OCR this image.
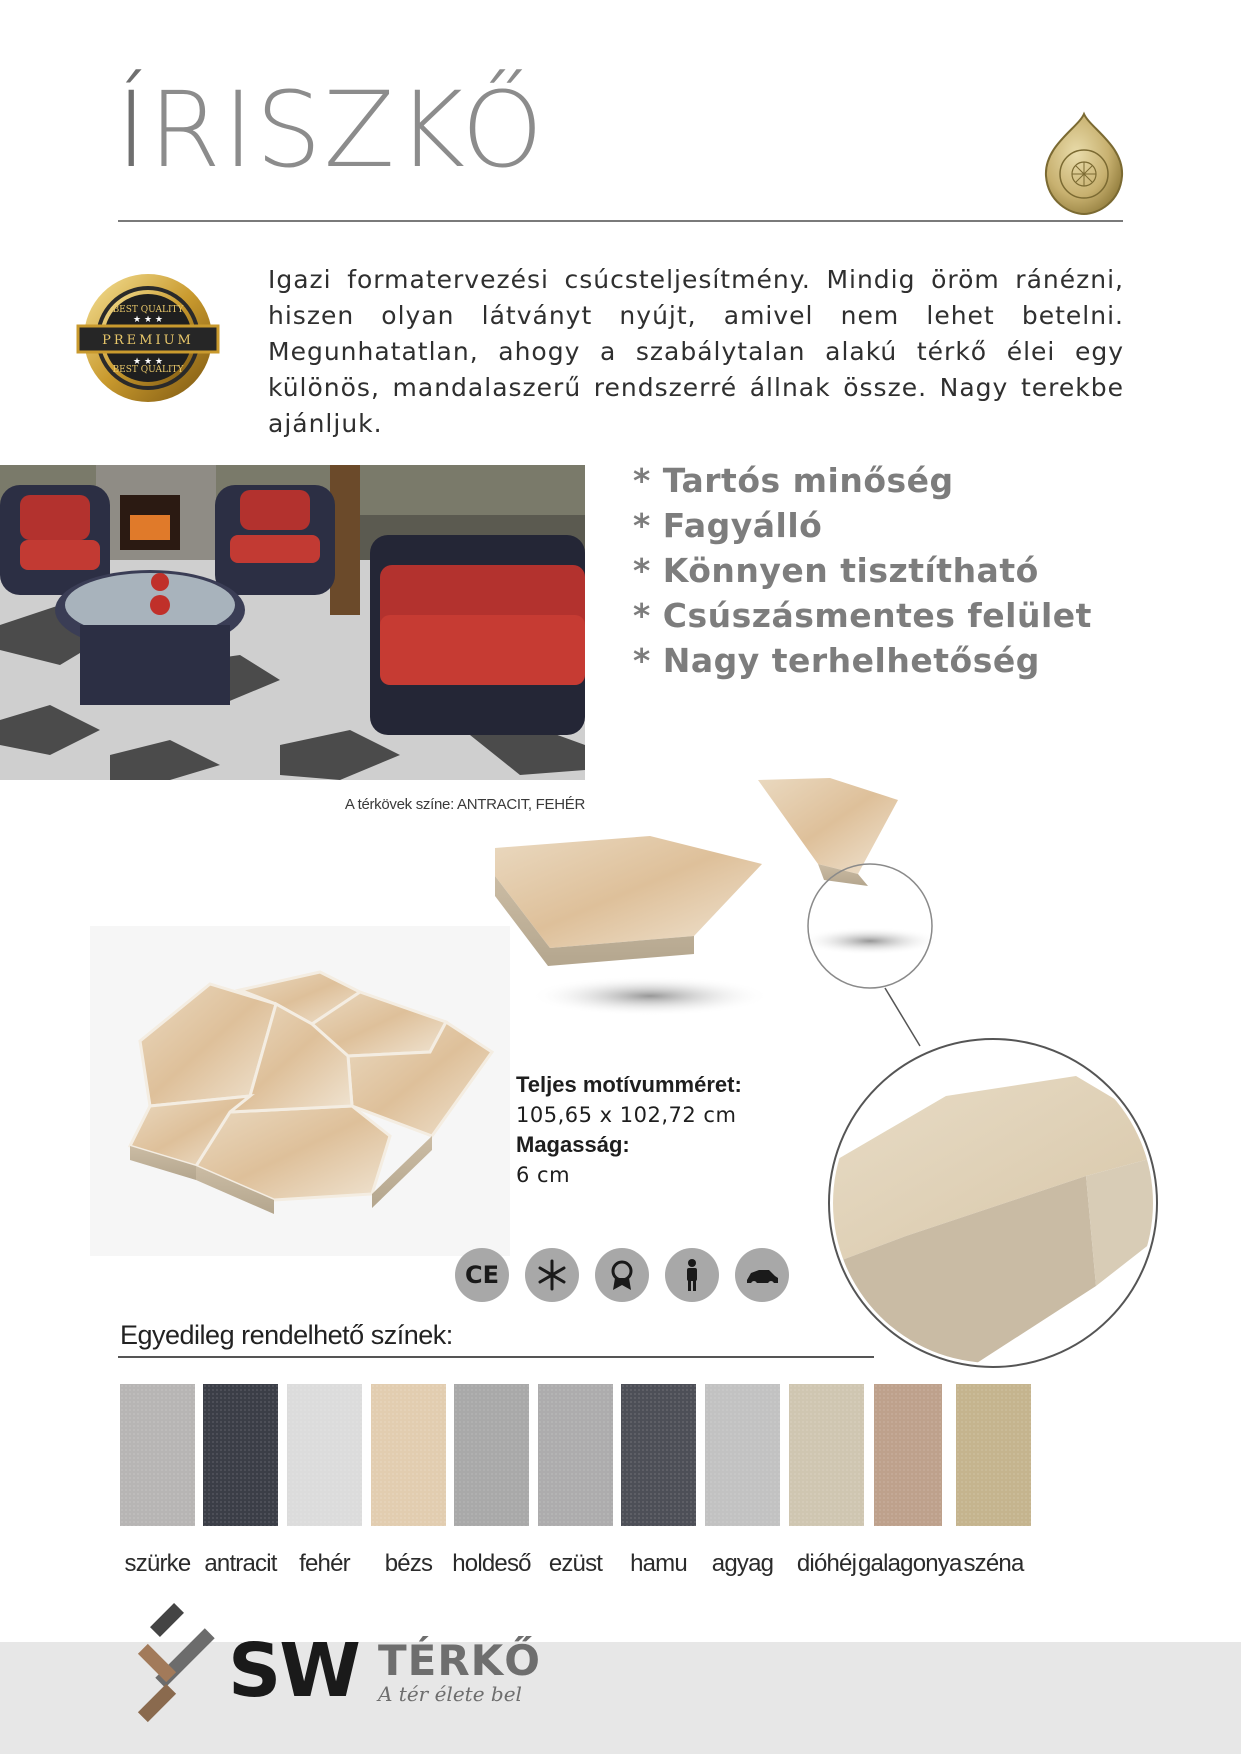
ÍRISZKŐ
PREMIUM
BEST QUALITY
BEST QUALITY
★ ★ ★
★ ★ ★
Igazi formatervezési csúcsteljesítmény. Mindig öröm ránézni, hiszen olyan látványt nyújt, amivel nem lehet betelni. Megunhatatlan, ahogy a szabálytalan alakú térkő élei egy különös, mandalaszerű rendszerré állnak össze. Nagy terekbe ajánljuk.
A térkövek színe: ANTRACIT, FEHÉR
* Tartós minőség
* Fagyálló
* Könnyen tisztítható
* Csúszásmentes felület
* Nagy terhelhetőség
Teljes motívumméret:
105,65 x 102,72 cm
Magasság:
6 cm
CE
Egyedileg rendelhető színek:
szürke antracit fehér	bézs holdeső ezüst	hamu	agyag dióhéj galagonya széna
SW TÉRKŐ
A tér élete bel
